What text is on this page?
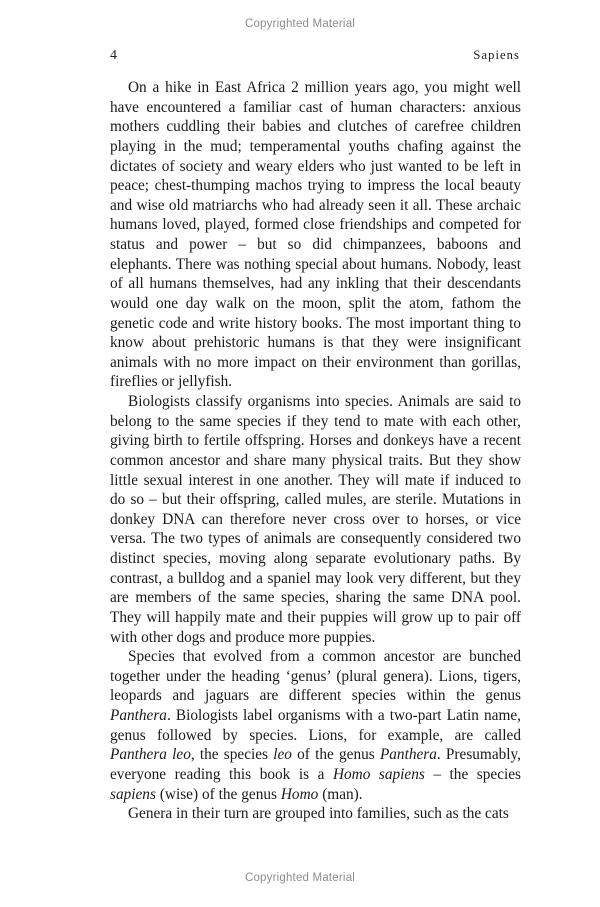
Copyrighted Material
4	Sapiens

On a hike in East Africa 2 million years ago, you might well have encountered a familiar cast of human characters: anxious mothers cuddling their babies and clutches of carefree children playing in the mud; temperamental youths chafing against the dictates of society and weary elders who just wanted to be left in peace; chest-thumping machos trying to impress the local beauty and wise old matriarchs who had already seen it all. These archaic humans loved, played, formed close friendships and competed for status and power – but so did chimpanzees, baboons and elephants. There was nothing special about humans. Nobody, least of all humans themselves, had any inkling that their descendants would one day walk on the moon, split the atom, fathom the genetic code and write history books. The most important thing to know about prehistoric humans is that they were insignificant animals with no more impact on their environment than gorillas, fireflies or jellyfish.

Biologists classify organisms into species. Animals are said to belong to the same species if they tend to mate with each other, giving birth to fertile offspring. Horses and donkeys have a recent common ancestor and share many physical traits. But they show little sexual interest in one another. They will mate if induced to do so – but their offspring, called mules, are sterile. Mutations in donkey DNA can therefore never cross over to horses, or vice versa. The two types of animals are consequently considered two distinct species, moving along separate evolutionary paths. By contrast, a bulldog and a spaniel may look very different, but they are members of the same species, sharing the same DNA pool. They will happily mate and their puppies will grow up to pair off with other dogs and produce more puppies.

Species that evolved from a common ancestor are bunched together under the heading ‘genus’ (plural genera). Lions, tigers, leopards and jaguars are different species within the genus Panthera. Biologists label organisms with a two-part Latin name, genus followed by species. Lions, for example, are called Panthera leo, the species leo of the genus Panthera. Presumably, everyone reading this book is a Homo sapiens – the species sapiens (wise) of the genus Homo (man).

Genera in their turn are grouped into families, such as the cats

Copyrighted Material
